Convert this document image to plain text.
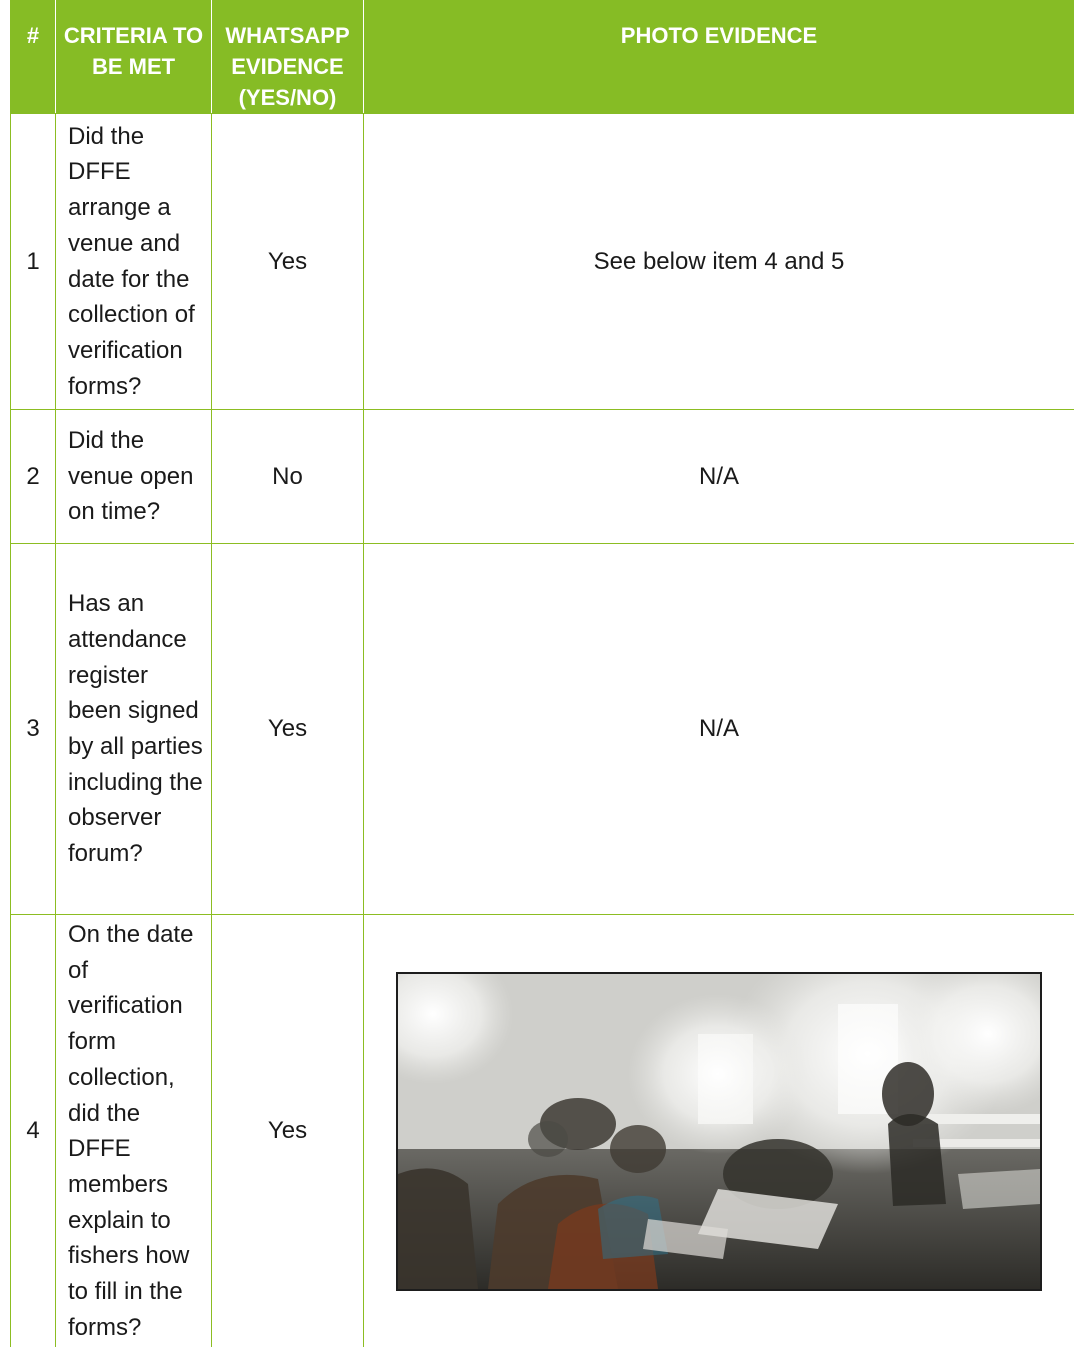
#	CRITERIA TO BE MET	WHATSAPP EVIDENCE (YES/NO)	PHOTO EVIDENCE
1	Did the DFFE arrange a venue and date for the collection of verification forms?	Yes	See below item 4 and 5
2	Did the venue open on time?	No	N/A
3	Has an attendance register been signed by all parties including the observer forum?	Yes	N/A
4	On the date of verification form collection, did the DFFE members explain to fishers how to fill in the forms?	Yes	
